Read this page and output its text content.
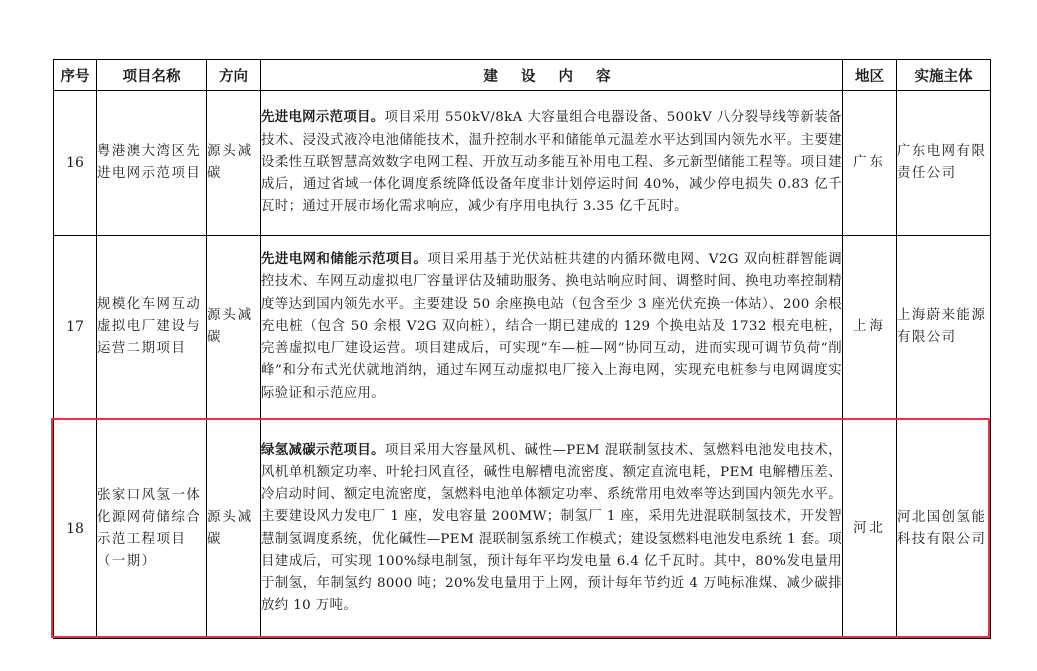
序号	项目名称	方向	建 设 内 容	地区	实施主体
16	粤港澳大湾区先进电网示范项目	源头减碳	先进电网示范项目。项目采用 550kV/8kA 大容量组合电器设备、500kV 八分裂导线等新装备技术、浸没式液冷电池储能技术，温升控制水平和储能单元温差水平达到国内领先水平。主要建设柔性互联智慧高效数字电网工程、开放互动多能互补用电工程、多元新型储能工程等。项目建成后，通过省域一体化调度系统降低设备年度非计划停运时间 40%，减少停电损失 0.83 亿千瓦时；通过开展市场化需求响应，减少有序用电执行 3.35 亿千瓦时。	广东	广东电网有限责任公司
17	规模化车网互动虚拟电厂建设与运营二期项目	源头减碳	先进电网和储能示范项目。项目采用基于光伏站桩共建的内循环微电网、V2G 双向桩群智能调控技术、车网互动虚拟电厂容量评估及辅助服务、换电站响应时间、调整时间、换电功率控制精度等达到国内领先水平。主要建设 50 余座换电站（包含至少 3 座光伏充换一体站）、200 余根充电桩（包含 50 余根 V2G 双向桩），结合一期已建成的 129 个换电站及 1732 根充电桩，完善虚拟电厂建设运营。项目建成后，可实现“车—桩—网”协同互动，进而实现可调节负荷“削峰”和分布式光伏就地消纳，通过车网互动虚拟电厂接入上海电网，实现充电桩参与电网调度实际验证和示范应用。	上海	上海蔚来能源有限公司
18	张家口风氢一体化源网荷储综合示范工程项目（一期）	源头减碳	绿氢减碳示范项目。项目采用大容量风机、碱性—PEM 混联制氢技术、氢燃料电池发电技术，风机单机额定功率、叶轮扫风直径，碱性电解槽电流密度、额定直流电耗，PEM 电解槽压差、冷启动时间、额定电流密度，氢燃料电池单体额定功率、系统常用电效率等达到国内领先水平。主要建设风力发电厂 1 座，发电容量 200MW；制氢厂 1 座，采用先进混联制氢技术，开发智慧制氢调度系统，优化碱性—PEM 混联制氢系统工作模式；建设氢燃料电池发电系统 1 套。项目建成后，可实现 100%绿电制氢，预计每年平均发电量 6.4 亿千瓦时。其中，80%发电量用于制氢，年制氢约 8000 吨；20%发电量用于上网，预计每年节约近 4 万吨标准煤、减少碳排放约 10 万吨。	河北	河北国创氢能科技有限公司
